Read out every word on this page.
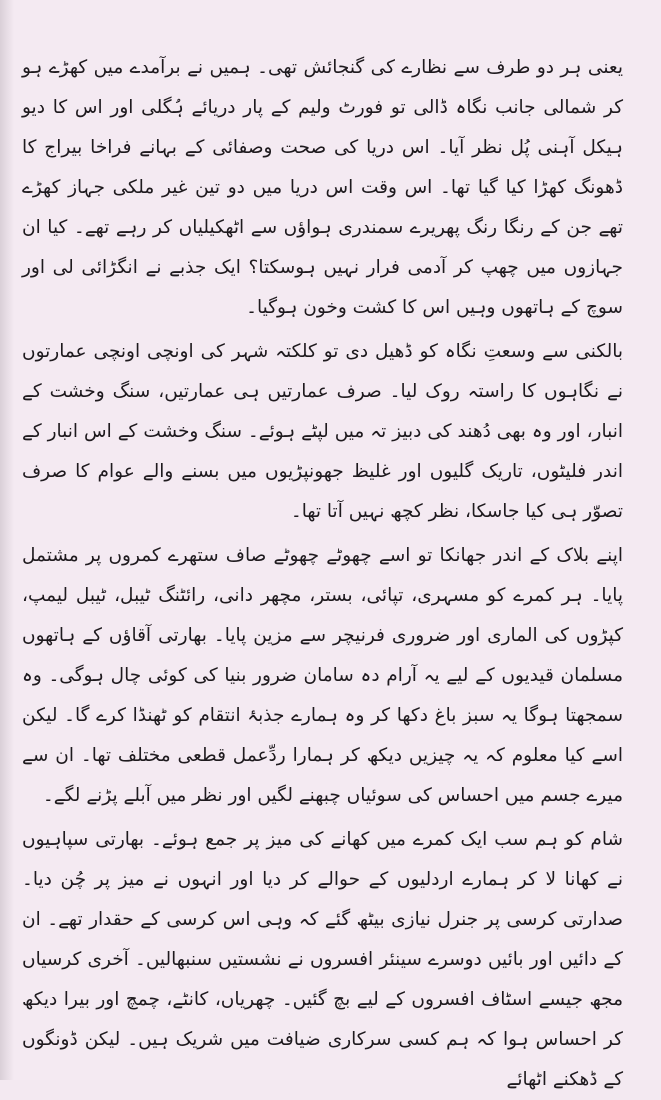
یعنی ہر دو طرف سے نظارے کی گنجائش تھی۔ ہمیں نے برآمدے میں کھڑے ہو کر شمالی جانب نگاہ ڈالی تو فورٹ ولیم کے پار دریائے ہُگلی اور اس کا دیو ہیکل آہنی پُل نظر آیا۔ اس دریا کی صحت وصفائی کے بہانے فراخا بیراج کا ڈھونگ کھڑا کیا گیا تھا۔ اس وقت اس دریا میں دو تین غیر ملکی جہاز کھڑے تھے جن کے رنگا رنگ پھریرے سمندری ہواؤں سے اٹھکیلیاں کر رہے تھے۔ کیا ان جہازوں میں چھپ کر آدمی فرار نہیں ہوسکتا؟ ایک جذبے نے انگڑائی لی اور سوچ کے ہاتھوں وہیں اس کا کشت وخون ہوگیا۔

بالکنی سے وسعتِ نگاہ کو ڈھیل دی تو کلکتہ شہر کی اونچی اونچی عمارتوں نے نگاہوں کا راستہ روک لیا۔ صرف عمارتیں ہی عمارتیں، سنگ وخشت کے انبار، اور وہ بھی دُھند کی دبیز تہ میں لپٹے ہوئے۔ سنگ وخشت کے اس انبار کے اندر فلیٹوں، تاریک گلیوں اور غلیظ جھونپڑیوں میں بسنے والے عوام کا صرف تصوّر ہی کیا جاسکا، نظر کچھ نہیں آتا تھا۔

اپنے بلاک کے اندر جھانکا تو اسے چھوٹے چھوٹے صاف ستھرے کمروں پر مشتمل پایا۔ ہر کمرے کو مسہری، تپائی، بستر، مچھر دانی، رائٹنگ ٹیبل، ٹیبل لیمپ، کپڑوں کی الماری اور ضروری فرنیچر سے مزین پایا۔ بھارتی آقاؤں کے ہاتھوں مسلمان قیدیوں کے لیے یہ آرام دہ سامان ضرور بنیا کی کوئی چال ہوگی۔ وہ سمجھتا ہوگا یہ سبز باغ دکھا کر وہ ہمارے جذبۂ انتقام کو ٹھنڈا کرے گا۔ لیکن اسے کیا معلوم کہ یہ چیزیں دیکھ کر ہمارا ردِّعمل قطعی مختلف تھا۔ ان سے میرے جسم میں احساس کی سوئیاں چبھنے لگیں اور نظر میں آبلے پڑنے لگے۔

شام کو ہم سب ایک کمرے میں کھانے کی میز پر جمع ہوئے۔ بھارتی سپاہیوں نے کھانا لا کر ہمارے اردلیوں کے حوالے کر دیا اور انہوں نے میز پر چُن دیا۔ صدارتی کرسی پر جنرل نیازی بیٹھ گئے کہ وہی اس کرسی کے حقدار تھے۔ ان کے دائیں اور بائیں دوسرے سینئر افسروں نے نشستیں سنبھالیں۔ آخری کرسیاں مجھ جیسے اسٹاف افسروں کے لیے بچ گئیں۔ چھریاں، کانٹے، چمچ اور بیرا دیکھ کر احساس ہوا کہ ہم کسی سرکاری ضیافت میں شریک ہیں۔ لیکن ڈونگوں کے ڈھکنے اٹھائے
